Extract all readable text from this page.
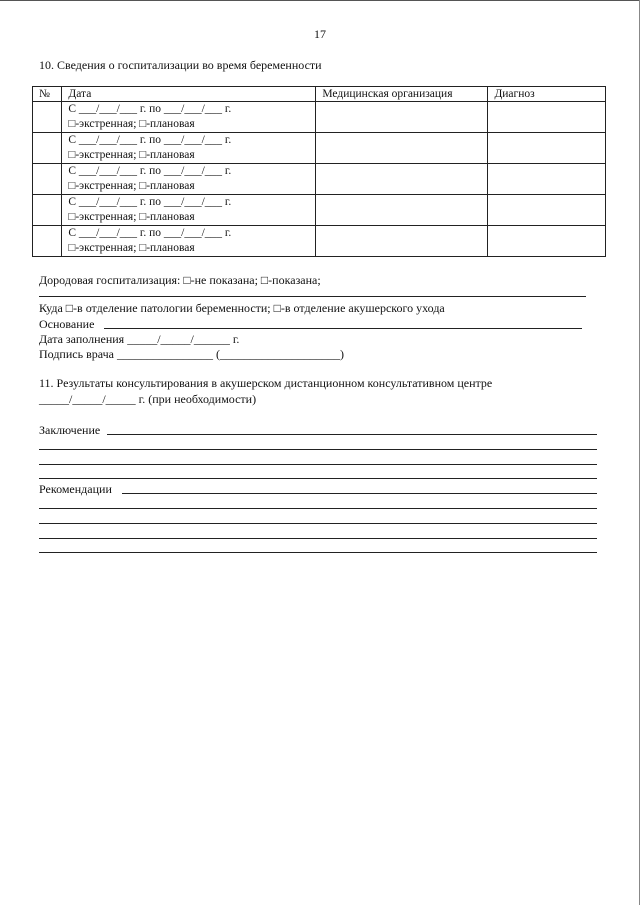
17
10. Сведения о госпитализации во время беременности
№	Дата	Медицинская организация	Диагноз

	С ___/___/___ г. по ___/___/___ г.
□-экстренная; □-плановая		

	С ___/___/___ г. по ___/___/___ г.
□-экстренная; □-плановая		

	С ___/___/___ г. по ___/___/___ г.
□-экстренная; □-плановая		

	С ___/___/___ г. по ___/___/___ г.
□-экстренная; □-плановая		

	С ___/___/___ г. по ___/___/___ г.
□-экстренная; □-плановая		

Дородовая госпитализация: □-не показана; □-показана;
Куда □-в отделение патологии беременности; □-в отделение акушерского ухода
Основание
Дата заполнения _____/_____/______ г.
Подпись врача ________________ (____________________)
11. Результаты консультирования в акушерском дистанционном консультативном центре
_____/_____/_____ г. (при необходимости)
Заключение
Рекомендации
